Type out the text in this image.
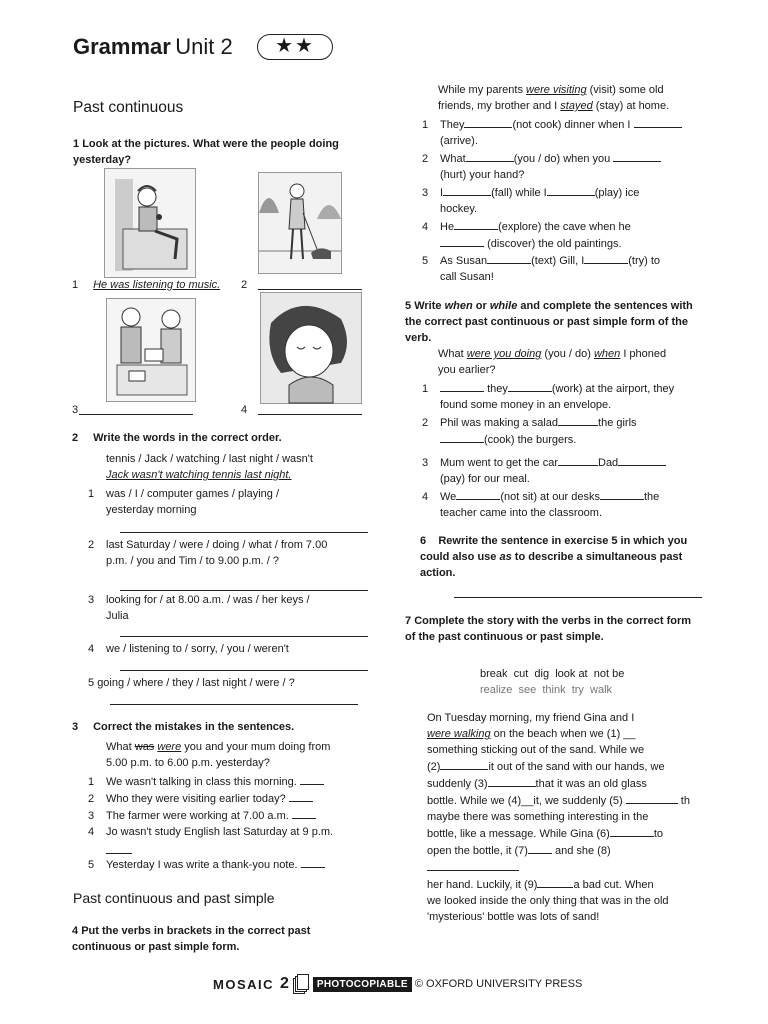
Grammar Unit 2	★★
Past continuous
1 Look at the pictures. What were the people doing yesterday?
1 He was listening to music. 2
3	4
2 Write the words in the correct order.
tennis / Jack / watching / last night / wasn't
Jack wasn't watching tennis last night.
1 was / I / computer games / playing /
yesterday morning
2 last Saturday / were / doing / what / from 7.00
p.m. / you and Tim / to 9.00 p.m. / ?
3 looking for / at 8.00 a.m. / was / her keys /
Julia
4 we / listening to / sorry, / you / weren't
5 going / where / they / last night / were / ?
3 Correct the mistakes in the sentences.
What was were you and your mum doing from
5.00 p.m. to 6.00 p.m. yesterday?
1 We wasn't talking in class this morning.
2 Who they were visiting earlier today?
3 The farmer were working at 7.00 a.m.
4 Jo wasn't study English last Saturday at 9 p.m.
5 Yesterday I was write a thank-you note.
Past continuous and past simple
4 Put the verbs in brackets in the correct past continuous or past simple form.
While my parents were visiting (visit) some old
friends, my brother and I stayed (stay) at home.
1 They	(not cook) dinner when I
(arrive).
2 What	(you / do) when you
(hurt) your hand?
3 I	(fall) while I	(play) ice
hockey.
4 He	(explore) the cave when he
(discover) the old paintings.
5 As Susan	(text) Gill, I	(try) to
call Susan!
5 Write when or while and complete the sentences with the correct past continuous or past simple form of the verb.
What were you doing (you / do) when I phoned
you earlier?
1	they	(work) at the airport, they
found some money in an envelope.
2 Phil was making a salad	the girls
(cook) the burgers.
3 Mum went to get the car	Dad
(pay) for our meal.
4 We	(not sit) at our desks	the
teacher came into the classroom.
6 Rewrite the sentence in exercise 5 in which you could also use as to describe a simultaneous past action.
7 Complete the story with the verbs in the correct form of the past continuous or past simple.
break  cut  dig  look at  not be
realize  see  think  try  walk
On Tuesday morning, my friend Gina and I
were walking on the beach when we (1) __
something sticking out of the sand. While we
(2)	it out of the sand with our hands, we
suddenly (3)	that it was an old glass
bottle. While we (4)__it, we suddenly (5)	th
maybe there was something interesting in the
bottle, like a message. While Gina (6)	to
open the bottle, it (7) and she (8)
her hand. Luckily, it (9)	a bad cut. When
we looked inside the only thing that was in the old
'mysterious' bottle was lots of sand!
MOSAIC 2	PHOTOCOPIABLE © OXFORD UNIVERSITY PRESS
